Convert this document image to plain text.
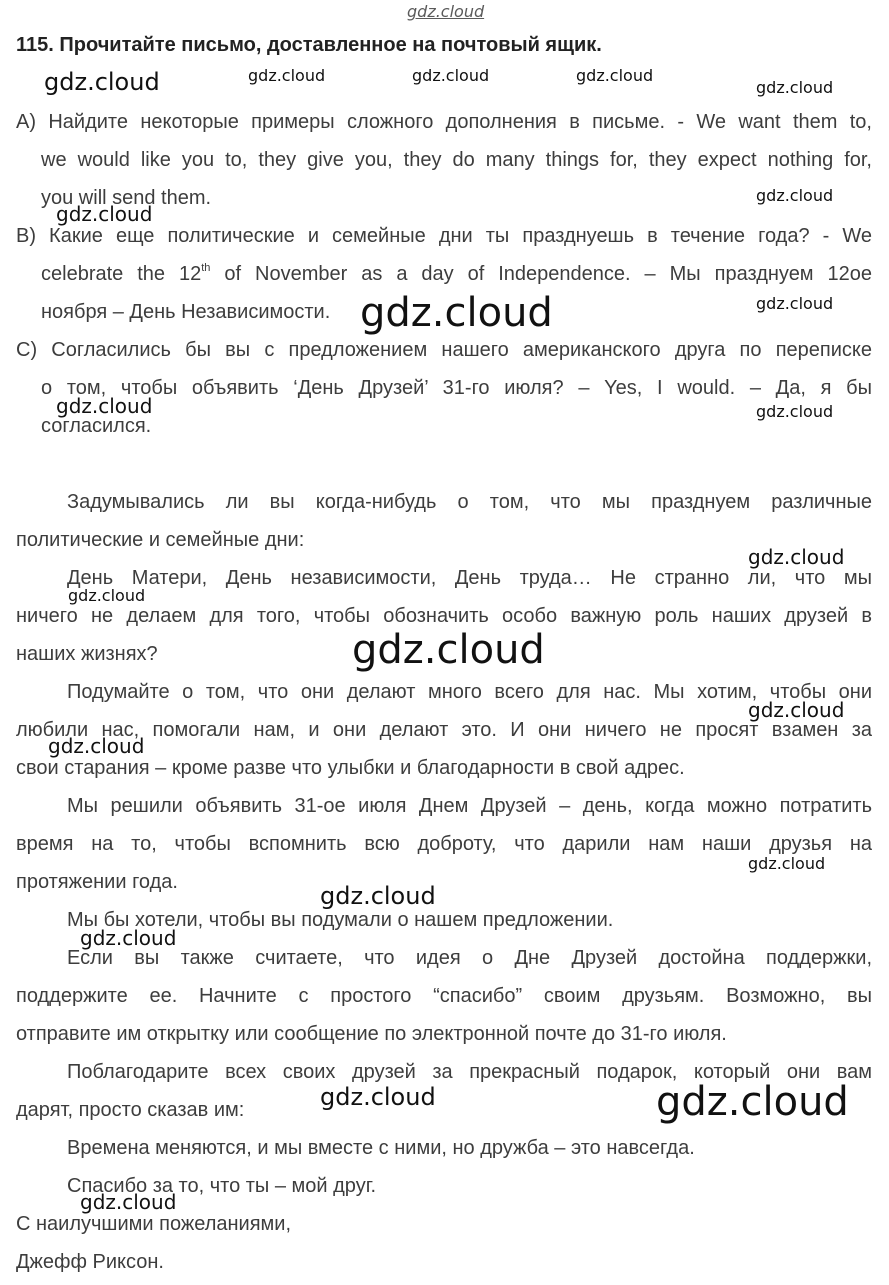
gdz.cloud
115. Прочитайте письмо, доставленное на почтовый ящик.
А) Найдите некоторые примеры сложного дополнения в письме. - We want them to,
we would like you to, they give you, they do many things for, they expect nothing for,
you will send them.
В) Какие еще политические и семейные дни ты празднуешь в течение года? - We
celebrate the 12th of November as a day of Independence. – Мы празднуем 12ое
ноября – День Независимости.
С) Согласились бы вы с предложением нашего американского друга по переписке
о том, чтобы объявить ‘День Друзей’ 31-го июля? – Yes, I would. – Да, я бы
согласился.
Задумывались ли вы когда-нибудь о том, что мы празднуем различные
политические и семейные дни:
День Матери, День независимости, День труда… Не странно ли, что мы
ничего не делаем для того, чтобы обозначить особо важную роль наших друзей в
наших жизнях?
Подумайте о том, что они делают много всего для нас. Мы хотим, чтобы они
любили нас, помогали нам, и они делают это. И они ничего не просят взамен за
свои старания – кроме разве что улыбки и благодарности в свой адрес.
Мы решили объявить 31-ое июля Днем Друзей – день, когда можно потратить
время на то, чтобы вспомнить всю доброту, что дарили нам наши друзья на
протяжении года.
Мы бы хотели, чтобы вы подумали о нашем предложении.
Если вы также считаете, что идея о Дне Друзей достойна поддержки,
поддержите ее. Начните с простого “спасибо” своим друзьям. Возможно, вы
отправите им открытку или сообщение по электронной почте до 31-го июля.
Поблагодарите всех своих друзей за прекрасный подарок, который они вам
дарят, просто сказав им:
Времена меняются, и мы вместе с ними, но дружба – это навсегда.
Спасибо за то, что ты – мой друг.
С наилучшими пожеланиями,
Джефф Риксон.
gdz.cloud	gdz.cloud	gdz.cloud	gdz.cloud
gdz.cloud
gdz.cloud
gdz.cloud
gdz.cloud
gdz.cloud
gdz.cloud	gdz.cloud
gdz.cloud
gdz.cloud
gdz.cloud
gdz.cloud
gdz.cloud
gdz.cloud
gdz.cloud
gdz.cloud
gdz.cloud	gdz.cloud
gdz.cloud
